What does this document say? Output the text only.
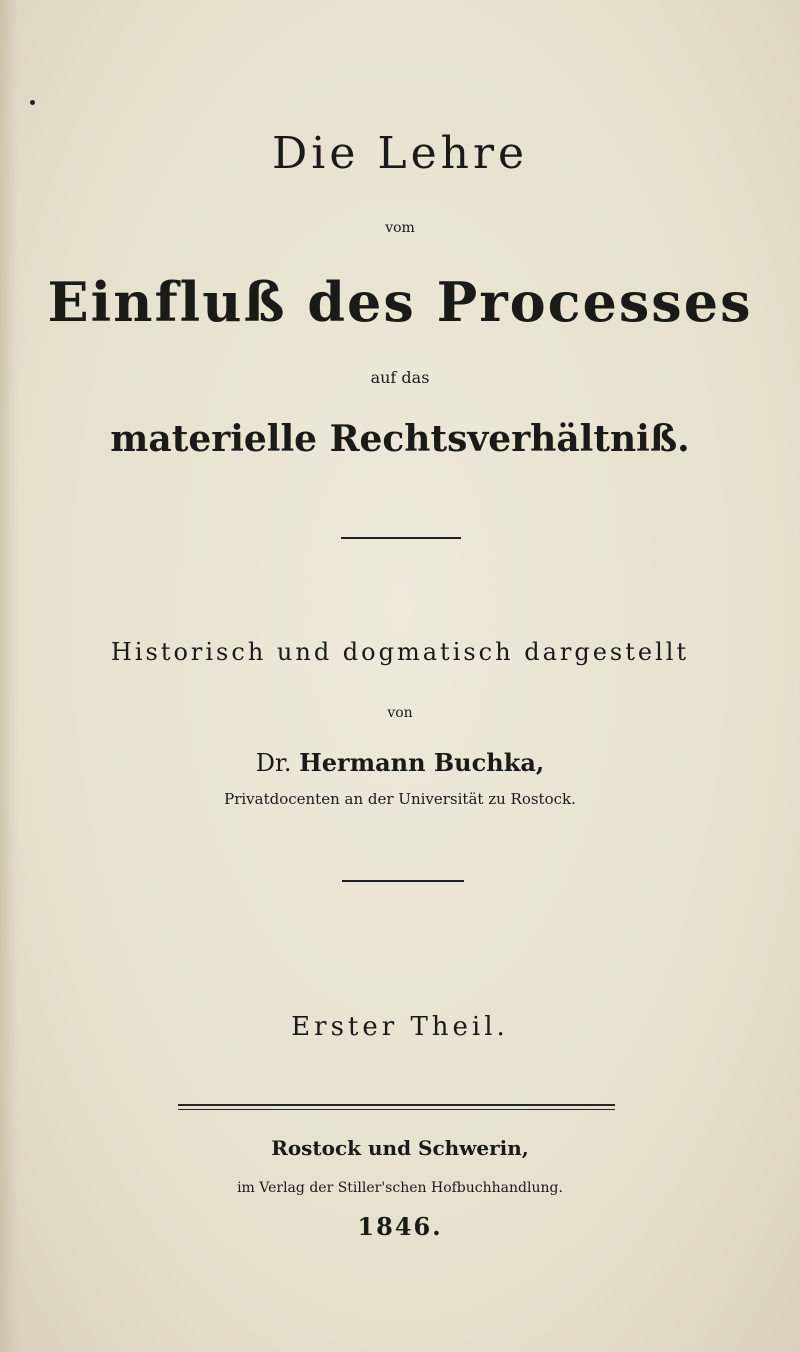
Die Lehre
vom
Einfluß des Processes
auf das
materielle Rechtsverhältniß.
Historisch und dogmatisch dargestellt
von
Dr. Hermann Buchka,
Privatdocenten an der Universität zu Rostock.
Erster Theil.
Rostock und Schwerin,
im Verlag der Stiller'schen Hofbuchhandlung.
1846.
